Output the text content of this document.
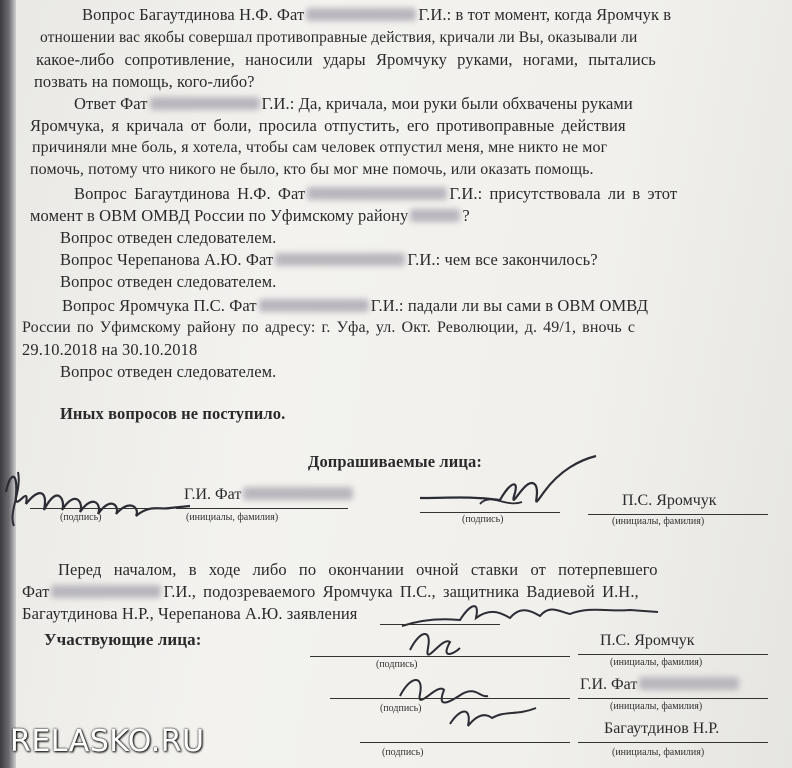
Вопрос Багаутдинова Н.Ф. Фат	Г.И.: в тот момент, когда Яромчук в
отношении вас якобы совершал противоправные действия, кричали ли Вы, оказывали ли
какое-либо сопротивление, наносили удары Яромчуку руками, ногами, пытались
позвать на помощь, кого-либо?
Ответ Фат	Г.И.: Да, кричала, мои руки были обхвачены руками
Яромчука, я кричала от боли, просила отпустить, его противоправные действия
причиняли мне боль, я хотела, чтобы сам человек отпустил меня, мне никто не мог
помочь, потому что никого не было, кто бы мог мне помочь, или оказать помощь.
Вопрос Багаутдинова Н.Ф. Фат	Г.И.: присутствовала ли в этот
момент в ОВМ ОМВД России по Уфимскому району	?
Вопрос отведен следователем.
Вопрос Черепанова А.Ю. Фат	Г.И.: чем все закончилось?
Вопрос отведен следователем.
Вопрос Яромчука П.С. Фат	Г.И.: падали ли вы сами в ОВМ ОМВД
России по Уфимскому району по адресу: г. Уфа, ул. Окт. Революции, д. 49/1, вночь с
29.10.2018 на 30.10.2018
Вопрос отведен следователем.
Иных вопросов не поступило.
Допрашиваемые лица:
Г.И. Фат
(подпись)	(инициалы, фамилия)
П.С. Яромчук
(подпись)	(инициалы, фамилия)
Перед началом, в ходе либо по окончании очной ставки от потерпевшего
Фат	Г.И., подозреваемого Яромчука П.С., защитника Вадиевой И.Н.,
Багаутдинова Н.Р., Черепанова А.Ю. заявления
Участвующие лица:	П.С. Яромчук
(подпись)	(инициалы, фамилия)
Г.И. Фат
(подпись)	(инициалы, фамилия)
Багаутдинов Н.Р.
(подпись)	(инициалы, фамилия)
RELASKO.RU
